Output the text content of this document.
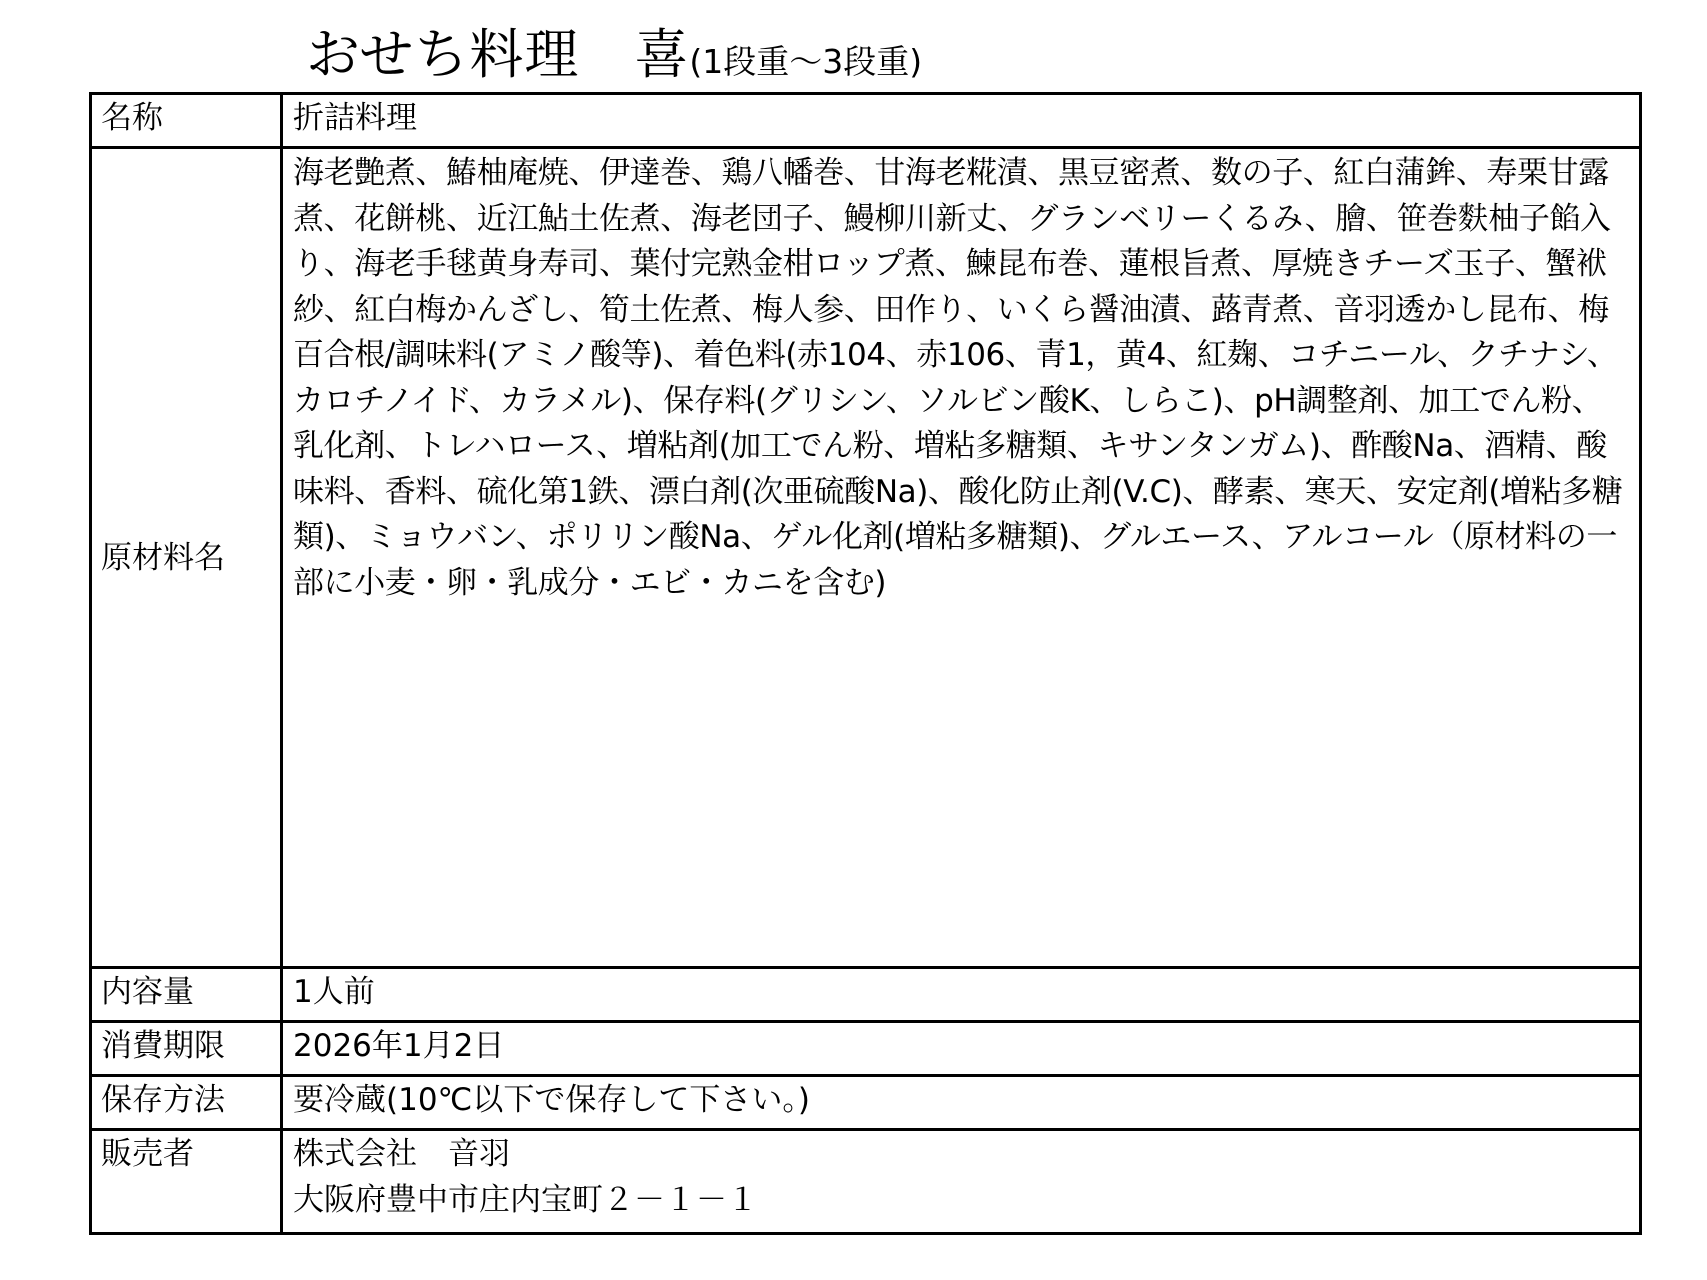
おせち料理　喜(1段重～3段重)
名称	折詰料理

原材料名	海老艶煮、鰆柚庵焼、伊達巻、鶏八幡巻、甘海老糀漬、黒豆密煮、数の子、紅白蒲鉾、寿栗甘露煮、花餅桃、近江鮎土佐煮、海老団子、鰻柳川新丈、グランベリーくるみ、膾、笹巻麩柚子餡入り、海老手毬黄身寿司、葉付完熟金柑ロップ煮、鰊昆布巻、蓮根旨煮、厚焼きチーズ玉子、蟹袱紗、紅白梅かんざし、筍土佐煮、梅人参、田作り、いくら醤油漬、蕗青煮、音羽透かし昆布、梅百合根/調味料(アミノ酸等)、着色料(赤104、赤106、青1，黄4、紅麹、コチニール、クチナシ、カロチノイド、カラメル)、保存料(グリシン、ソルビン酸K、しらこ)、pH調整剤、加工でん粉、乳化剤、トレハロース、増粘剤(加工でん粉、増粘多糖類、キサンタンガム)、酢酸Na、酒精、酸味料、香料、硫化第1鉄、漂白剤(次亜硫酸Na)、酸化防止剤(V.C)、酵素、寒天、安定剤(増粘多糖類)、ミョウバン、ポリリン酸Na、ゲル化剤(増粘多糖類)、グルエース、アルコール（原材料の一部に小麦・卵・乳成分・エビ・カニを含む)

内容量	1人前

消費期限	2026年1月2日

保存方法	要冷蔵(10℃以下で保存して下さい。)

販売者	株式会社　音羽
大阪府豊中市庄内宝町２－１－１
